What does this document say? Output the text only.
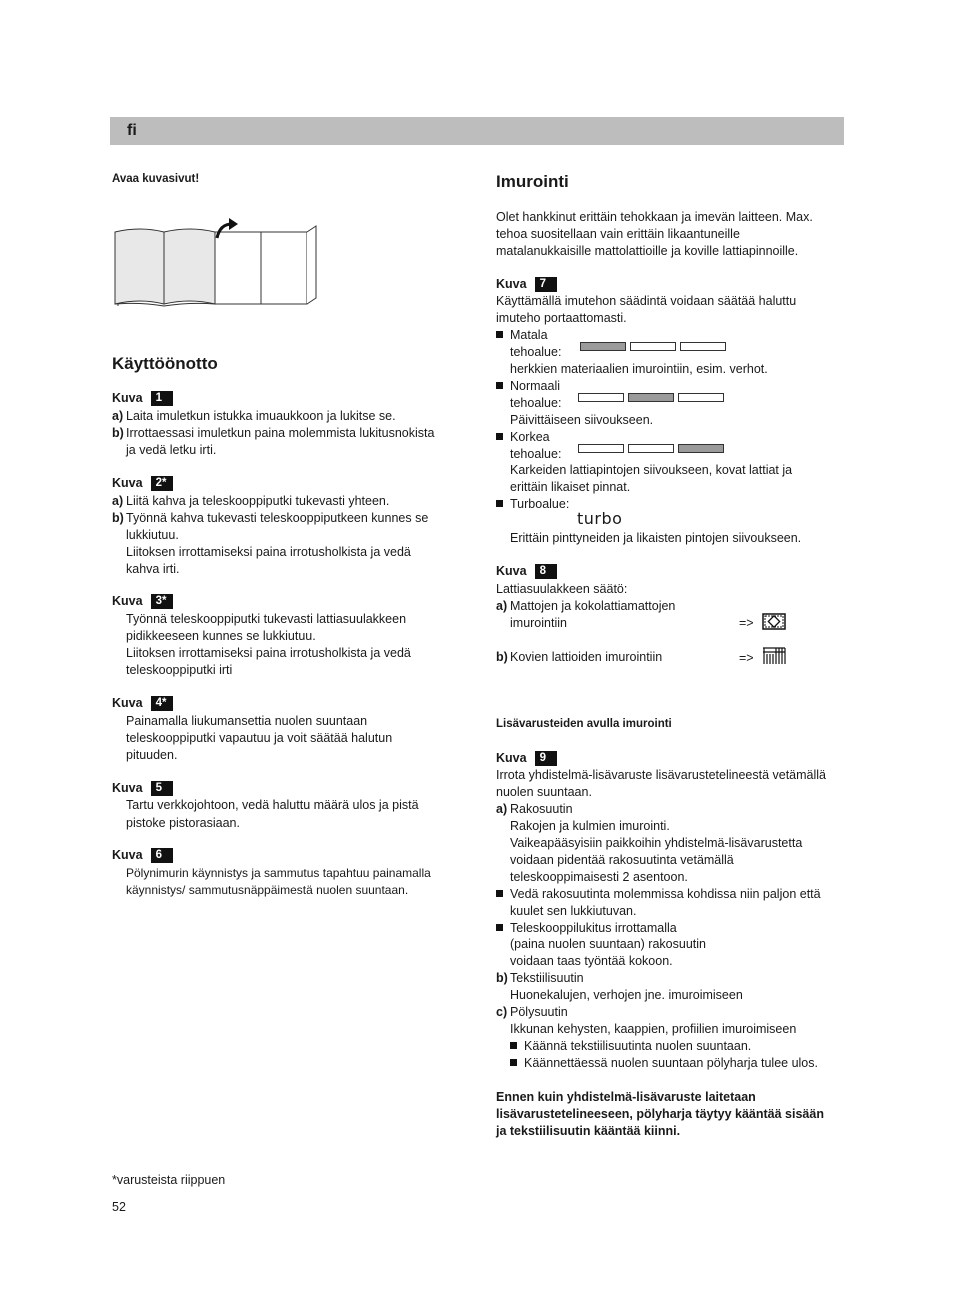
fi
Avaa kuvasivut!
Käyttöönotto
Kuva 1
a) Laita imuletkun istukka imuaukkoon ja lukitse se.
b) Irrottaessasi imuletkun paina molemmista lukitusnokista
ja vedä letku irti.
Kuva 2*
a) Liitä kahva ja teleskooppiputki tukevasti yhteen.
b) Työnnä kahva tukevasti teleskooppiputkeen kunnes se
lukkiutuu.
Liitoksen irrottamiseksi paina irrotusholkista ja vedä
kahva irti.
Kuva 3*
Työnnä teleskooppiputki tukevasti lattiasuulakkeen
pidikkeeseen kunnes se lukkiutuu.
Liitoksen irrottamiseksi paina irrotusholkista ja vedä
teleskooppiputki irti
Kuva 4*
Painamalla liukumansettia nuolen suuntaan
teleskooppiputki vapautuu ja voit säätää halutun
pituuden.
Kuva 5
Tartu verkkojohtoon, vedä haluttu määrä ulos ja pistä
pistoke pistorasiaan.
Kuva 6
Pölynimurin käynnistys ja sammutus tapahtuu painamalla
käynnistys/ sammutusnäppäimestä nuolen suuntaan.
*varusteista riippuen
52
Imurointi
Olet hankkinut erittäin tehokkaan ja imevän laitteen. Max.
tehoa suositellaan vain erittäin likaantuneille
matalanukkaisille mattolattioille ja koville lattiapinnoille.
Kuva 7
Käyttämällä imutehon säädintä voidaan säätää haluttu
imuteho portaattomasti.
Matala
tehoalue:
herkkien materiaalien imurointiin, esim. verhot.
Normaali
tehoalue:
Päivittäiseen siivoukseen.
Korkea
tehoalue:
Karkeiden lattiapintojen siivoukseen, kovat lattiat ja
erittäin likaiset pinnat.
Turboalue:
turbo
Erittäin pinttyneiden ja likaisten pintojen siivoukseen.
Kuva 8
Lattiasuulakkeen säätö:
a) Mattojen ja kokolattiamattojen
imurointiin	=>
b) Kovien lattioiden imurointiin	=>
Lisävarusteiden avulla imurointi
Kuva 9
Irrota yhdistelmä-lisävaruste lisävarustetelineestä vetämällä
nuolen suuntaan.
a) Rakosuutin
Rakojen ja kulmien imurointi.
Vaikeapääsyisiin paikkoihin yhdistelmä-lisävarustetta
voidaan pidentää rakosuutinta vetämällä
teleskooppimaisesti 2 asentoon.
Vedä rakosuutinta molemmissa kohdissa niin paljon että
kuulet sen lukkiutuvan.
Teleskooppilukitus irrottamalla
(paina nuolen suuntaan) rakosuutin
voidaan taas työntää kokoon.
b) Tekstiilisuutin
Huonekalujen, verhojen jne. imuroimiseen
c) Pölysuutin
Ikkunan kehysten, kaappien, profiilien imuroimiseen
Käännä tekstiilisuutinta nuolen suuntaan.
Käännettäessä nuolen suuntaan pölyharja tulee ulos.
Ennen kuin yhdistelmä-lisävaruste laitetaan
lisävarustetelineeseen, pölyharja täytyy kääntää sisään
ja tekstiilisuutin kääntää kiinni.
